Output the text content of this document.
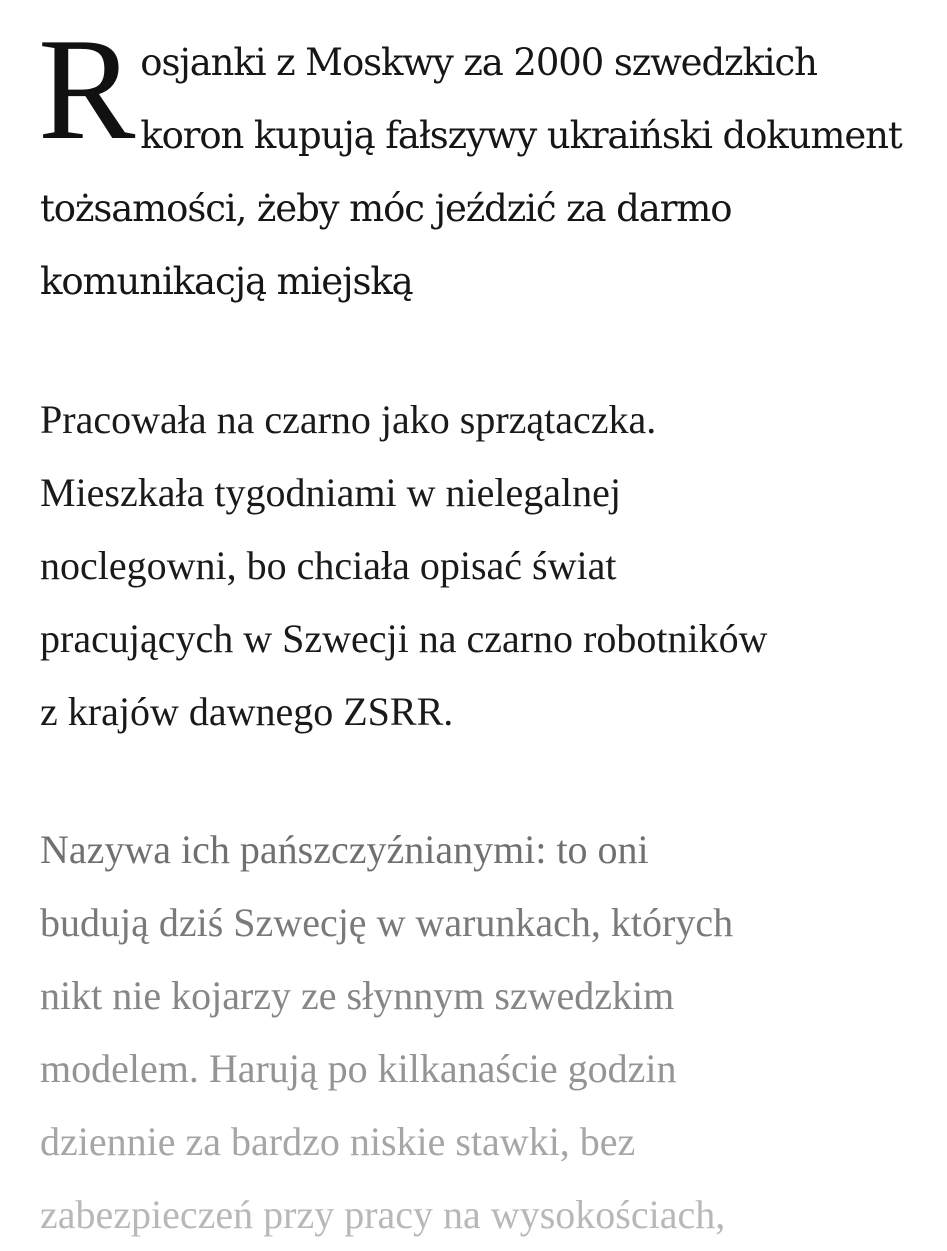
Rosjanki z Moskwy za 2000 szwedzkich koron kupują fałszywy ukraiński dokument tożsamości, żeby móc jeździć za darmo komunikacją miejską

Pracowała na czarno jako sprzątaczka.
Mieszkała tygodniami w nielegalnej
noclegowni, bo chciała opisać świat
pracujących w Szwecji na czarno robotników
z krajów dawnego ZSRR.

Nazywa ich pańszczyźnianymi: to oni
budują dziś Szwecję w warunkach, których
nikt nie kojarzy ze słynnym szwedzkim
modelem. Harują po kilkanaście godzin
dziennie za bardzo niskie stawki, bez
zabezpieczeń przy pracy na wysokościach,
